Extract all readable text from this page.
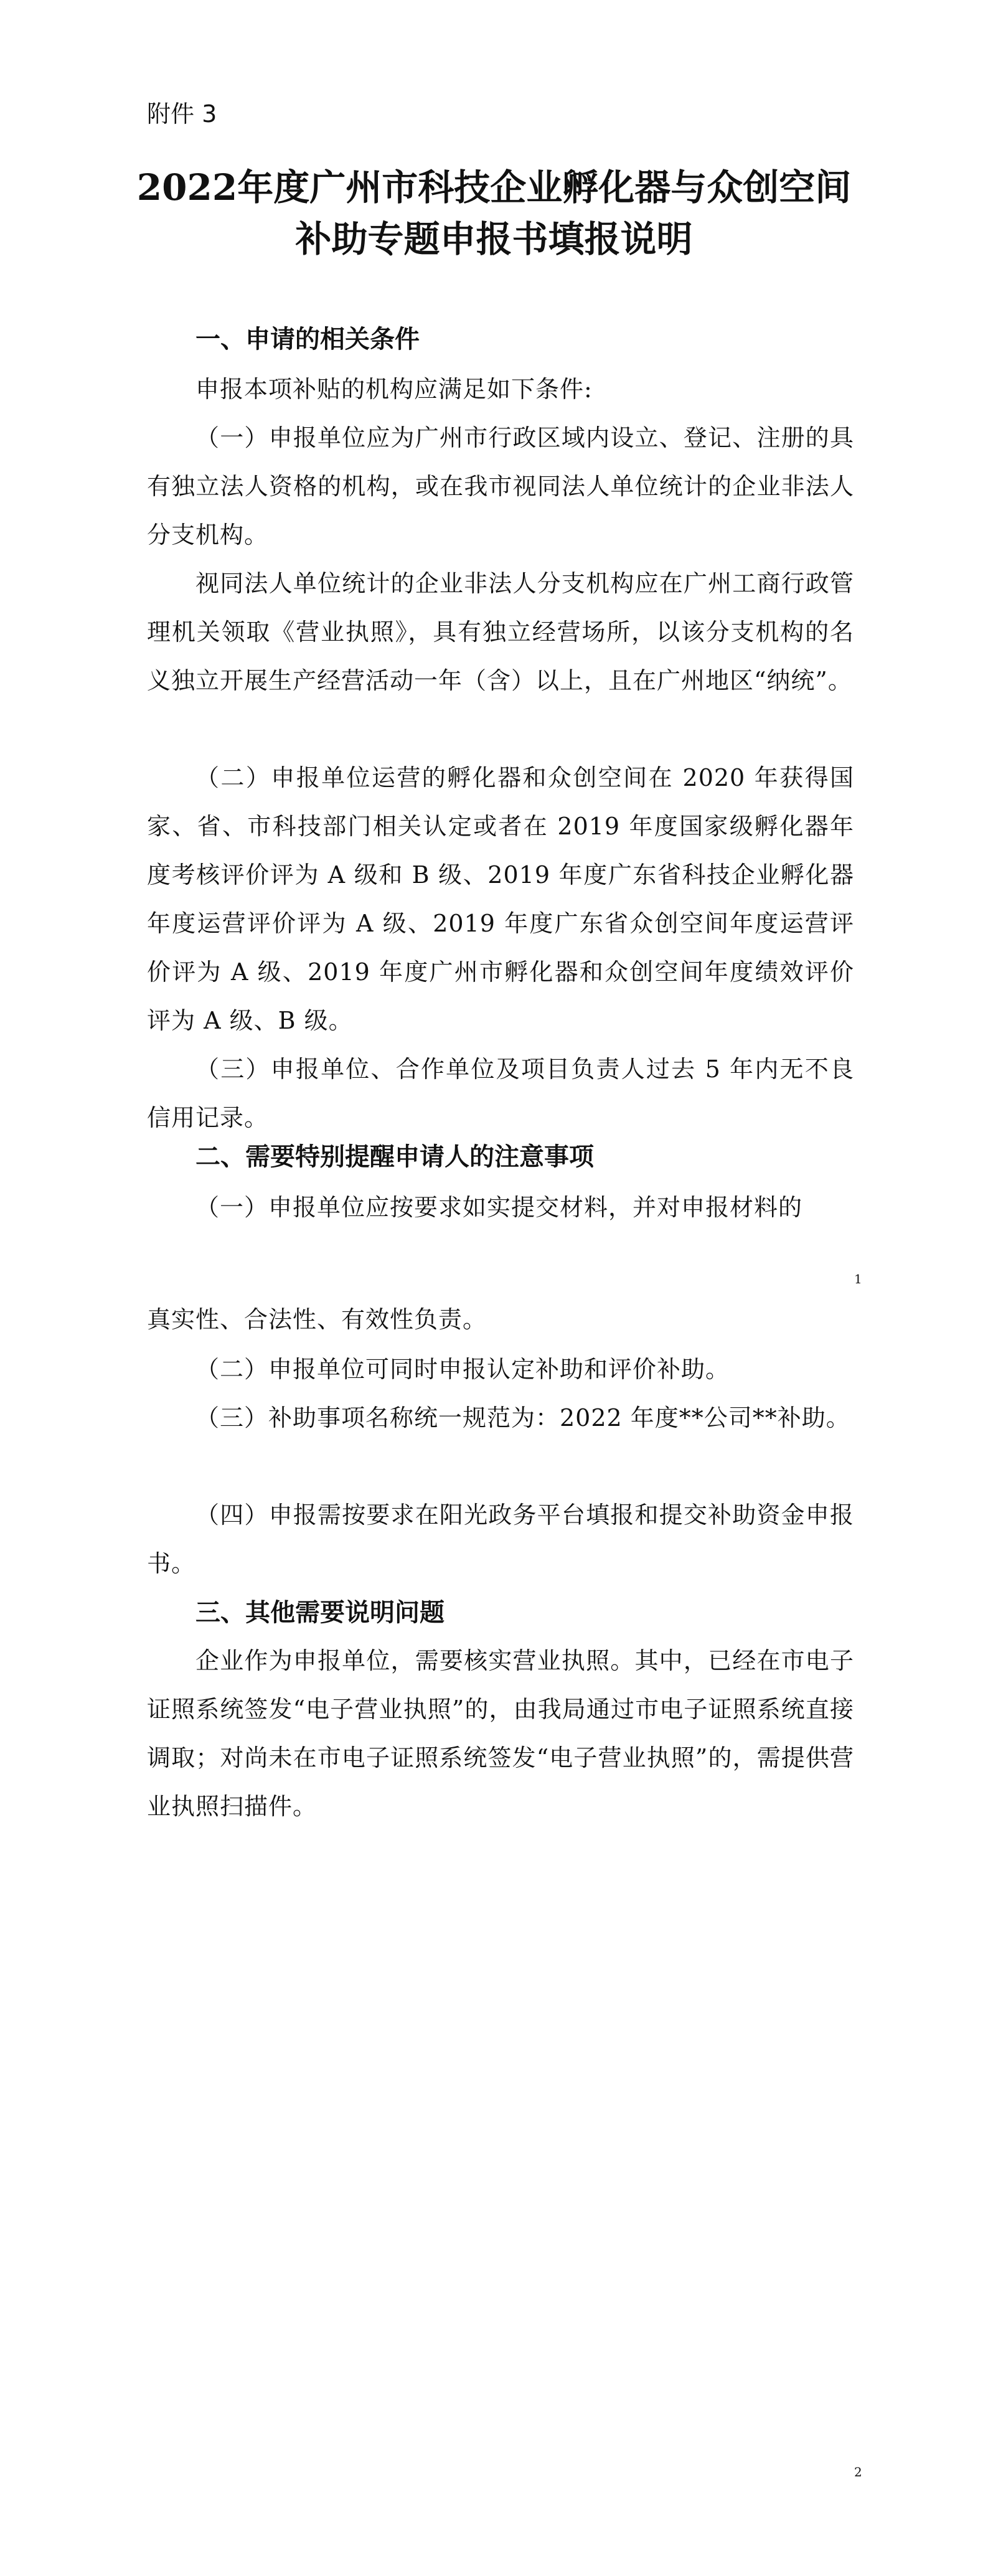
附件 3
2022年度广州市科技企业孵化器与众创空间
补助专题申报书填报说明
一、申请的相关条件

申报本项补贴的机构应满足如下条件:

（一）申报单位应为广州市行政区域内设立、登记、注册的具有独立法人资格的机构，或在我市视同法人单位统计的企业非法人分支机构。

视同法人单位统计的企业非法人分支机构应在广州工商行政管理机关领取《营业执照》，具有独立经营场所，以该分支机构的名义独立开展生产经营活动一年（含）以上，且在广州地区“纳统”。

（二）申报单位运营的孵化器和众创空间在 2020 年获得国家、省、市科技部门相关认定或者在 2019 年度国家级孵化器年度考核评价评为 A 级和 B 级、2019 年度广东省科技企业孵化器年度运营评价评为 A 级、2019 年度广东省众创空间年度运营评价评为 A 级、2019 年度广州市孵化器和众创空间年度绩效评价评为 A 级、B 级。

（三）申报单位、合作单位及项目负责人过去 5 年内无不良信用记录。

二、需要特别提醒申请人的注意事项

（一）申报单位应按要求如实提交材料，并对申报材料的

1

真实性、合法性、有效性负责。

（二）申报单位可同时申报认定补助和评价补助。

（三）补助事项名称统一规范为：2022 年度**公司**补助。

（四）申报需按要求在阳光政务平台填报和提交补助资金申报书。

三、其他需要说明问题

企业作为申报单位，需要核实营业执照。其中，已经在市电子证照系统签发“电子营业执照”的，由我局通过市电子证照系统直接调取；对尚未在市电子证照系统签发“电子营业执照”的，需提供营业执照扫描件。

2
